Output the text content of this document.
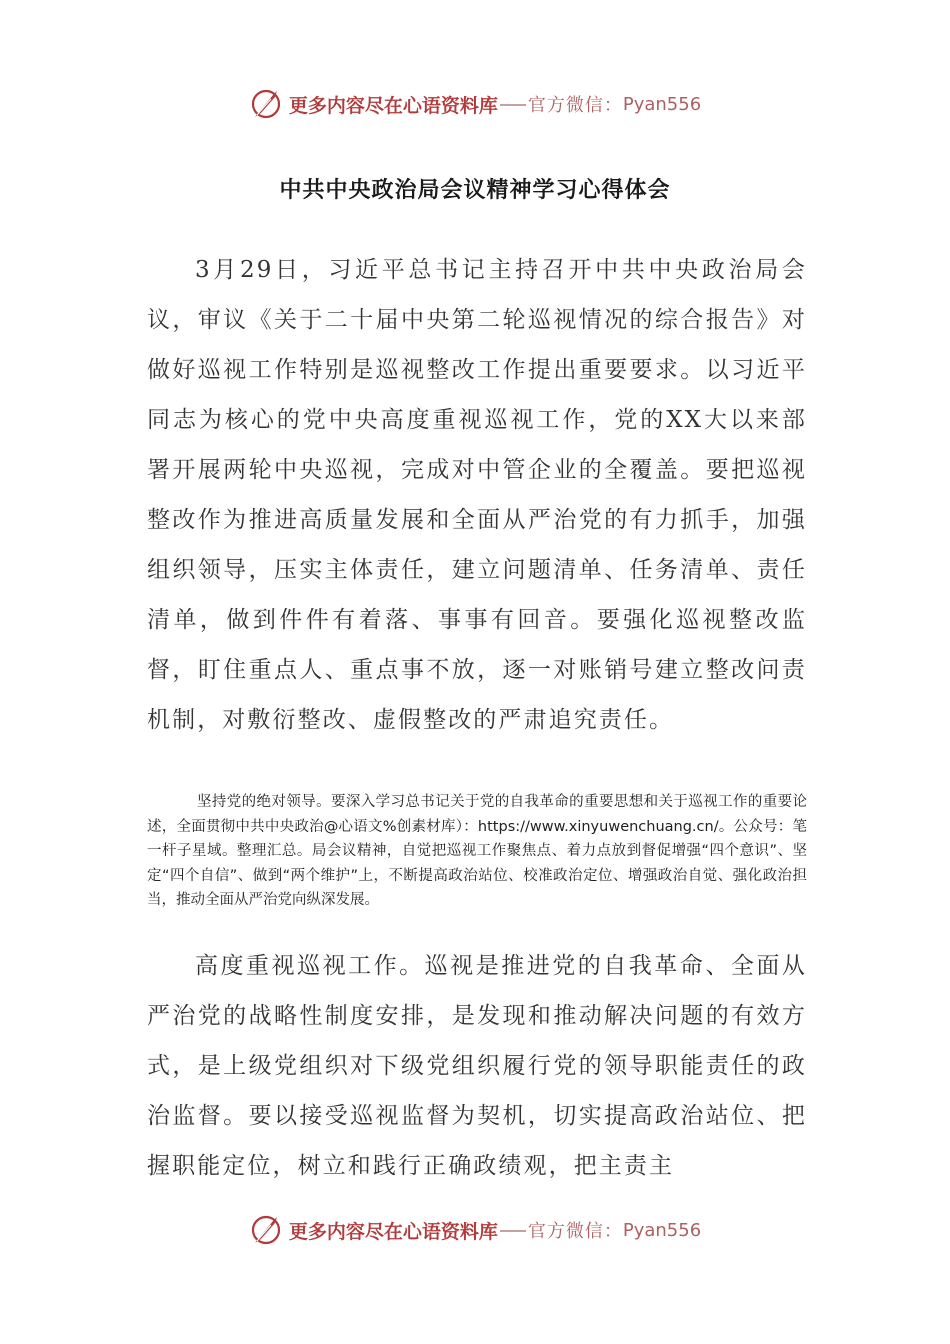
更多内容尽在心语资料库 官方微信： Pyan556
中共中央政治局会议精神学习心得体会

3月29日，习近平总书记主持召开中共中央政治局会议，审议《关于二十届中央第二轮巡视情况的综合报告》对做好巡视工作特别是巡视整改工作提出重要要求。以习近平同志为核心的党中央高度重视巡视工作，党的XX大以来部署开展两轮中央巡视，完成对中管企业的全覆盖。要把巡视整改作为推进高质量发展和全面从严治党的有力抓手，加强组织领导，压实主体责任，建立问题清单、任务清单、责任清单，做到件件有着落、事事有回音。要强化巡视整改监督，盯住重点人、重点事不放，逐一对账销号建立整改问责机制，对敷衍整改、虚假整改的严肃追究责任。

坚持党的绝对领导。要深入学习总书记关于党的自我革命的重要思想和关于巡视工作的重要论述，全面贯彻中共中央政治@心语文%创素材库）：https://www.xinyuwenchuang.cn/。公众号：笔一杆子星域。整理汇总。局会议精神，自觉把巡视工作聚焦点、着力点放到督促增强“四个意识”、坚定“四个自信”、做到“两个维护”上，不断提高政治站位、校准政治定位、增强政治自觉、强化政治担当，推动全面从严治党向纵深发展。

高度重视巡视工作。巡视是推进党的自我革命、全面从严治党的战略性制度安排，是发现和推动解决问题的有效方式，是上级党组织对下级党组织履行党的领导职能责任的政治监督。要以接受巡视监督为契机，切实提高政治站位、把握职能定位，树立和践行正确政绩观，把主责主

更多内容尽在心语资料库 官方微信： Pyan556
